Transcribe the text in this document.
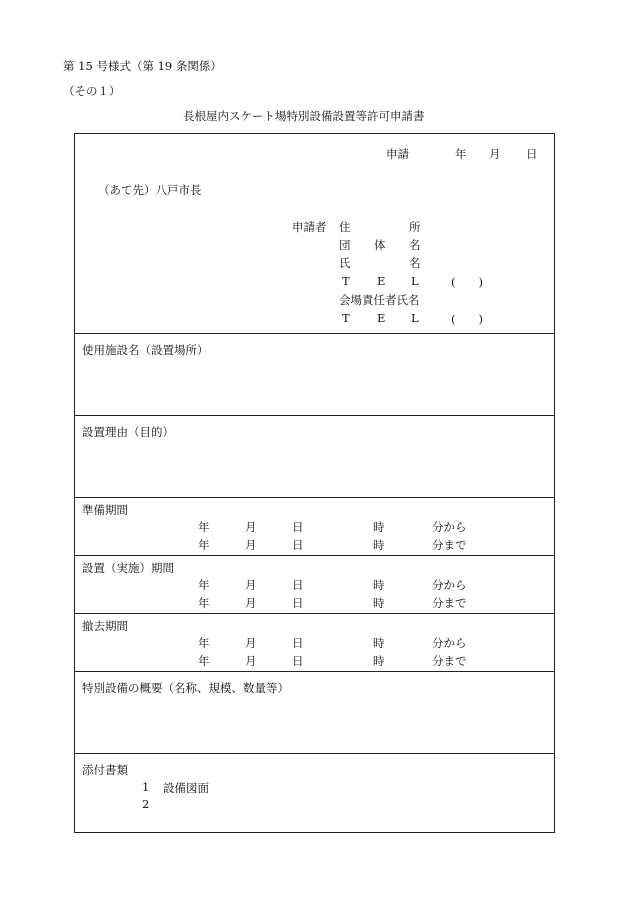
第 15 号様式（第 19 条関係）
（その１）
長根屋内スケート場特別設備設置等許可申請書
申請	年 月 日
（あて先）八戸市長
申請者 住	所
団 体 名
氏	名
T E L	(　　)
会場責任者氏名
T E L	(　　)
使用施設名（設置場所）
設置理由（目的）
準備期間
年	月	日	時	分から
年	月	日	時	分まで
設置（実施）期間
年	月	日	時	分から
年	月	日	時	分まで
撤去期間
年	月	日	時	分から
年	月	日	時	分まで
特別設備の概要（名称、規模、数量等）
添付書類
1 設備図面
2
